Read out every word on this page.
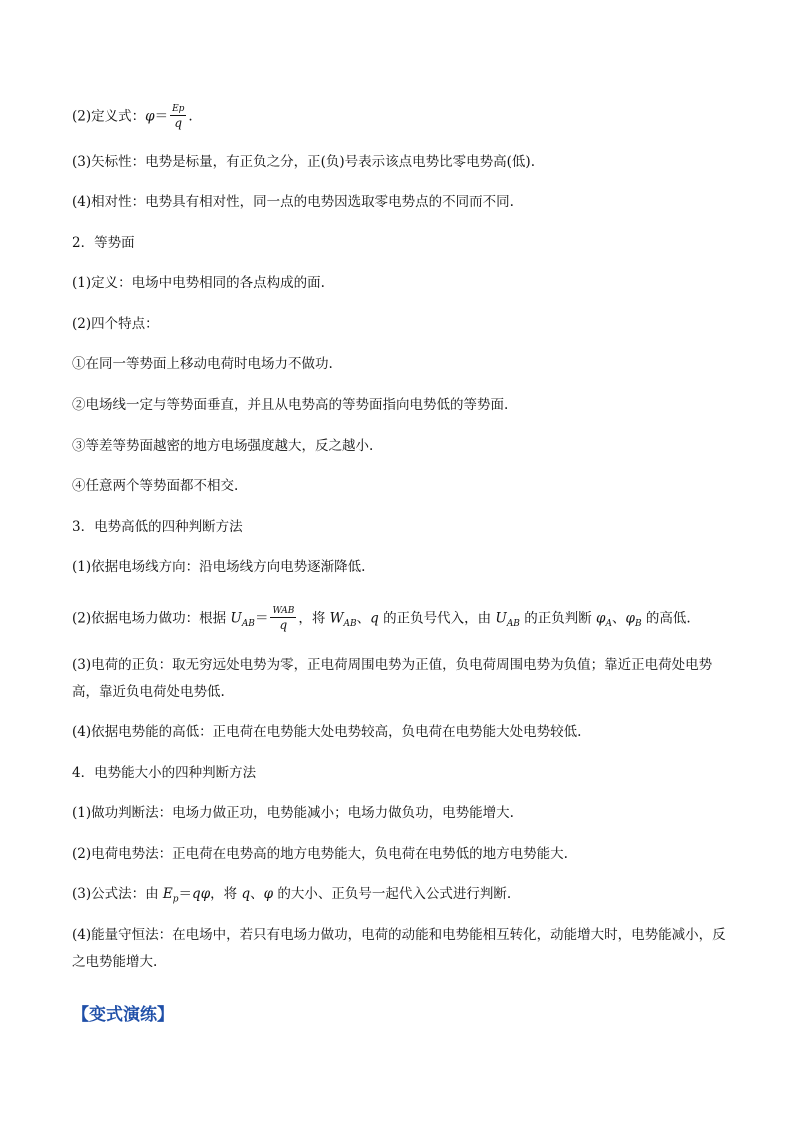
(2)定义式：$\varphi= \frac{Ep}{q}$ .
(3)矢标性：电势是标量，有正负之分，正(负)号表示该点电势比零电势高(低).
(4)相对性：电势具有相对性，同一点的电势因选取零电势点的不同而不同.
2．等势面
(1)定义：电场中电势相同的各点构成的面.
(2)四个特点：
①在同一等势面上移动电荷时电场力不做功.
②电场线一定与等势面垂直，并且从电势高的等势面指向电势低的等势面.
③等差等势面越密的地方电场强度越大，反之越小.
④任意两个等势面都不相交.
3．电势高低的四种判断方法
(1)依据电场线方向：沿电场线方向电势逐渐降低.
(2)依据电场力做功：根据 $U_{AB}= \frac{\text{WAB}}{q}$ ，将 $W_{AB}$、q 的正负号代入，由 $U_{AB}$ 的正负判断 $\varphi_A$、$\varphi_B$ 的高低.
(3)电荷的正负：取无穷远处电势为零，正电荷周围电势为正值，负电荷周围电势为负值；靠近正电荷处电势高，靠近负电荷处电势低.
(4)依据电势能的高低：正电荷在电势能大处电势较高，负电荷在电势能大处电势较低.
4．电势能大小的四种判断方法
(1)做功判断法：电场力做正功，电势能减小；电场力做负功，电势能增大.
(2)电荷电势法：正电荷在电势高的地方电势能大，负电荷在电势低的地方电势能大.
(3)公式法：由 $E_p=q\varphi$，将 q、φ 的大小、正负号一起代入公式进行判断.
(4)能量守恒法：在电场中，若只有电场力做功，电荷的动能和电势能相互转化，动能增大时，电势能减小，反之电势能增大.
【变式演练】
